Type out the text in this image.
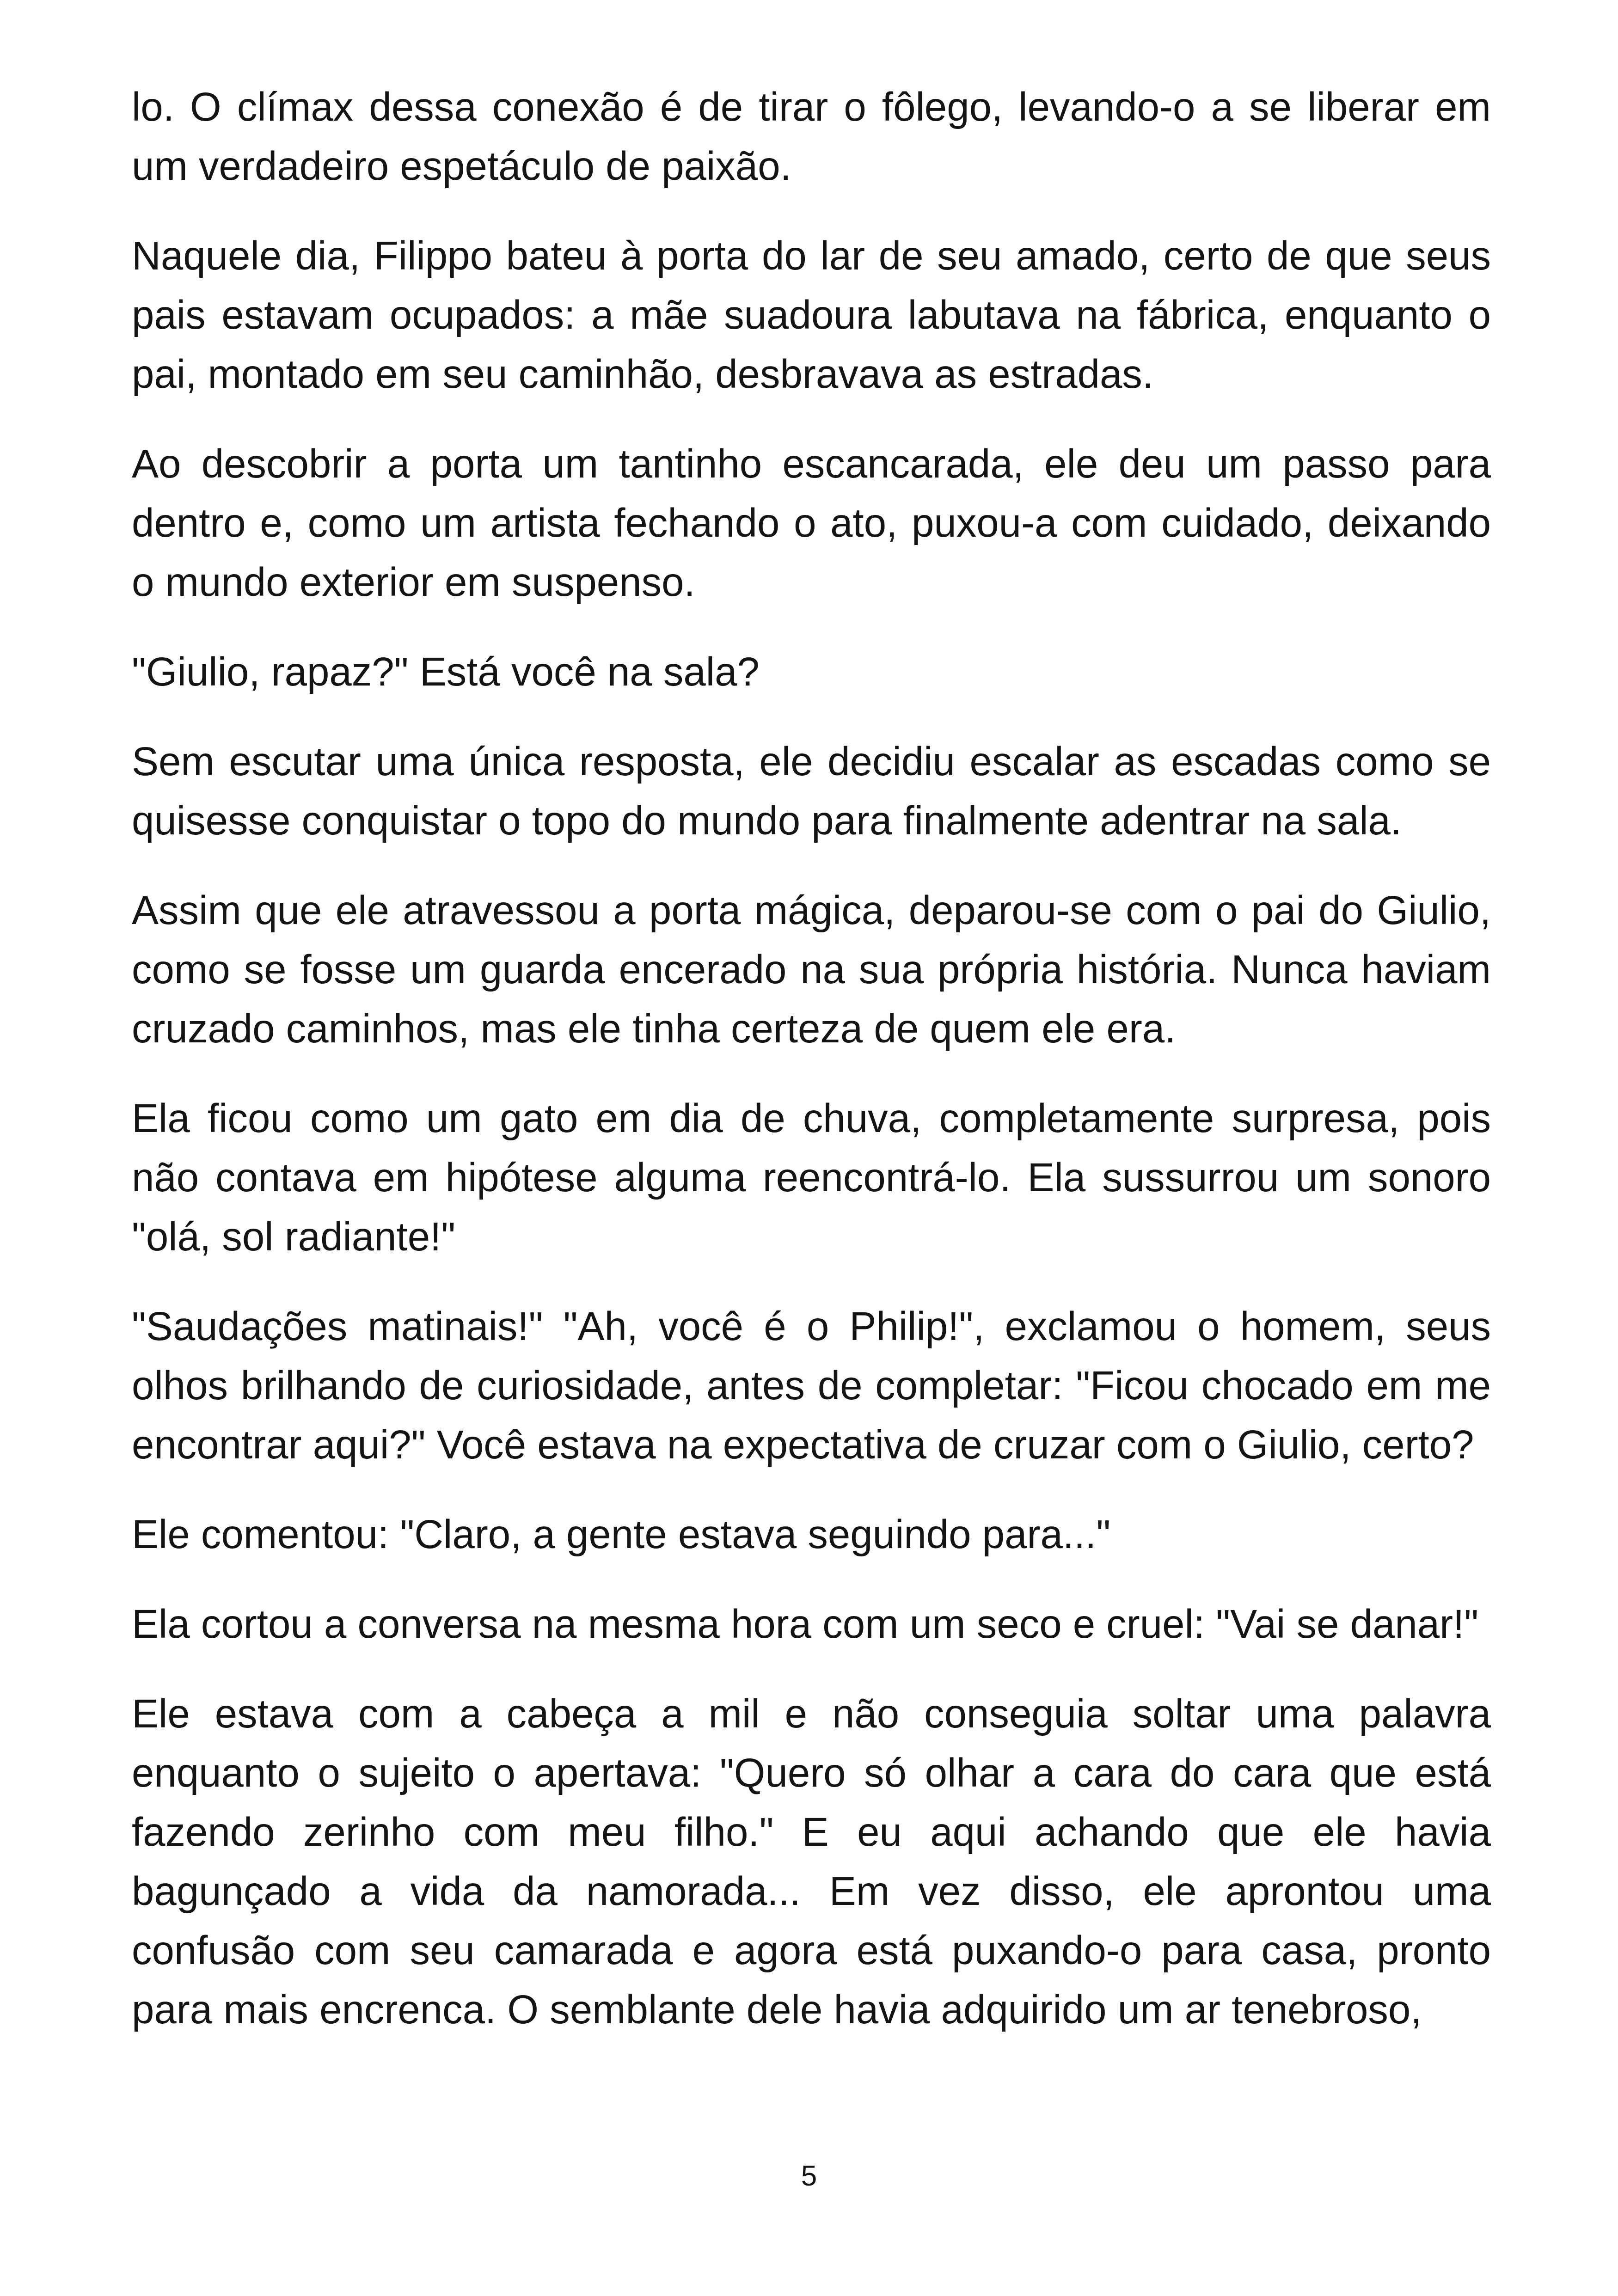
lo. O clímax dessa conexão é de tirar o fôlego, levando-o a se liberar em um verdadeiro espetáculo de paixão.

Naquele dia, Filippo bateu à porta do lar de seu amado, certo de que seus pais estavam ocupados: a mãe suadoura labutava na fábrica, enquanto o pai, montado em seu caminhão, desbravava as estradas.

Ao descobrir a porta um tantinho escancarada, ele deu um passo para dentro e, como um artista fechando o ato, puxou-a com cuidado, deixando o mundo exterior em suspenso.

"Giulio, rapaz?" Está você na sala?

Sem escutar uma única resposta, ele decidiu escalar as escadas como se quisesse conquistar o topo do mundo para finalmente adentrar na sala.

Assim que ele atravessou a porta mágica, deparou-se com o pai do Giulio, como se fosse um guarda encerado na sua própria história. Nunca haviam cruzado caminhos, mas ele tinha certeza de quem ele era.

Ela ficou como um gato em dia de chuva, completamente surpresa, pois não contava em hipótese alguma reencontrá-lo. Ela sussurrou um sonoro "olá, sol radiante!"

"Saudações matinais!" "Ah, você é o Philip!", exclamou o homem, seus olhos brilhando de curiosidade, antes de completar: "Ficou chocado em me encontrar aqui?" Você estava na expectativa de cruzar com o Giulio, certo?

Ele comentou: "Claro, a gente estava seguindo para..."

Ela cortou a conversa na mesma hora com um seco e cruel: "Vai se danar!"

Ele estava com a cabeça a mil e não conseguia soltar uma palavra enquanto o sujeito o apertava: "Quero só olhar a cara do cara que está fazendo zerinho com meu filho." E eu aqui achando que ele havia bagunçado a vida da namorada... Em vez disso, ele aprontou uma confusão com seu camarada e agora está puxando-o para casa, pronto para mais encrenca. O semblante dele havia adquirido um ar tenebroso,

5
